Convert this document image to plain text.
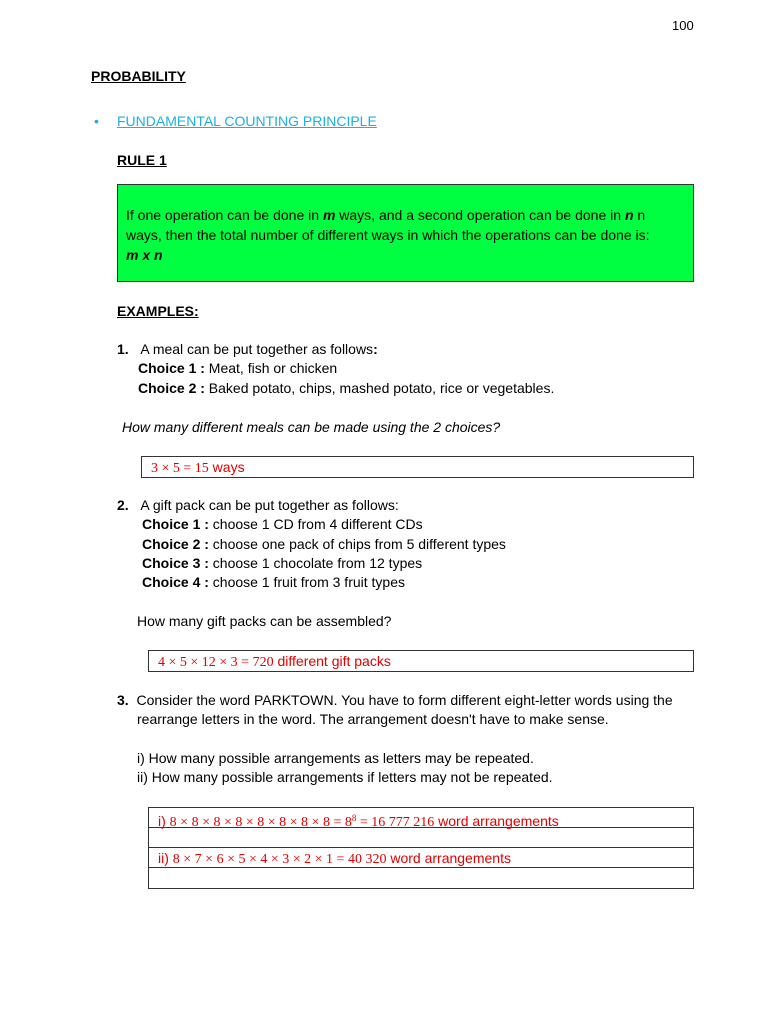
100
PROBABILITY
• FUNDAMENTAL COUNTING PRINCIPLE
RULE 1
If one operation can be done in m ways, and a second operation can be done in n n
ways, then the total number of different ways in which the operations can be done is:
m x n
EXAMPLES:
1. A meal can be put together as follows:
Choice 1 : Meat, fish or chicken
Choice 2 : Baked potato, chips, mashed potato, rice or vegetables.
How many different meals can be made using the 2 choices?
3 × 5 = 15 ways
2. A gift pack can be put together as follows:
Choice 1 : choose 1 CD from 4 different CDs
Choice 2 : choose one pack of chips from 5 different types
Choice 3 : choose 1 chocolate from 12 types
Choice 4 : choose 1 fruit from 3 fruit types
How many gift packs can be assembled?
4 × 5 × 12 × 3 = 720 different gift packs
3. Consider the word PARKTOWN. You have to form different eight-letter words using the
rearrange letters in the word. The arrangement doesn't have to make sense.
i) How many possible arrangements as letters may be repeated.
ii) How many possible arrangements if letters may not be repeated.
i) $8 \times 8 \times 8 \times 8 \times 8 \times 8 \times 8 \times 8 = 8^8 = 16$ 777 216 word arrangements
ii) 8 × 7 × 6 × 5 × 4 × 3 × 2 × 1 = 40 320 word arrangements
